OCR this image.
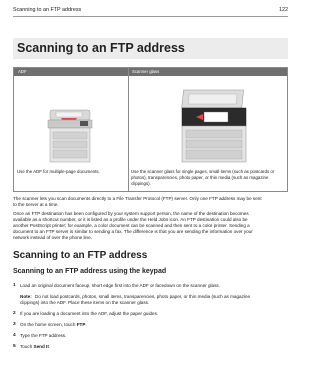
Scanning to an FTP address	122
Scanning to an FTP address
ADF	Scanner glass
Use the ADF for multiple‑page documents.	Use the scanner glass for single pages, small items (such as postcards or
photos), transparencies, photo paper, or thin media (such as magazine
clippings).

The scanner lets you scan documents directly to a File Transfer Protocol (FTP) server. Only one FTP address may be sent

to the server at a time.

Once an FTP destination has been configured by your system support person, the name of the destination becomes

available as a shortcut number, or it is listed as a profile under the Held Jobs icon. An FTP destination could also be

another PostScript printer; for example, a color document can be scanned and then sent to a color printer. Sending a

document to an FTP server is similar to sending a fax. The difference is that you are sending the information over your

network instead of over the phone line.

Scanning to an FTP address
Scanning to an FTP address using the keypad
1 Load an original document faceup, short edge first into the ADF or facedown on the scanner glass.
Note: Do not load postcards, photos, small items, transparencies, photo paper, or thin media (such as magazine
clippings) into the ADF. Place these items on the scanner glass.
2 If you are loading a document into the ADF, adjust the paper guides.
3 On the home screen, touch FTP.
4 Type the FTP address.
5 Touch Send It.
